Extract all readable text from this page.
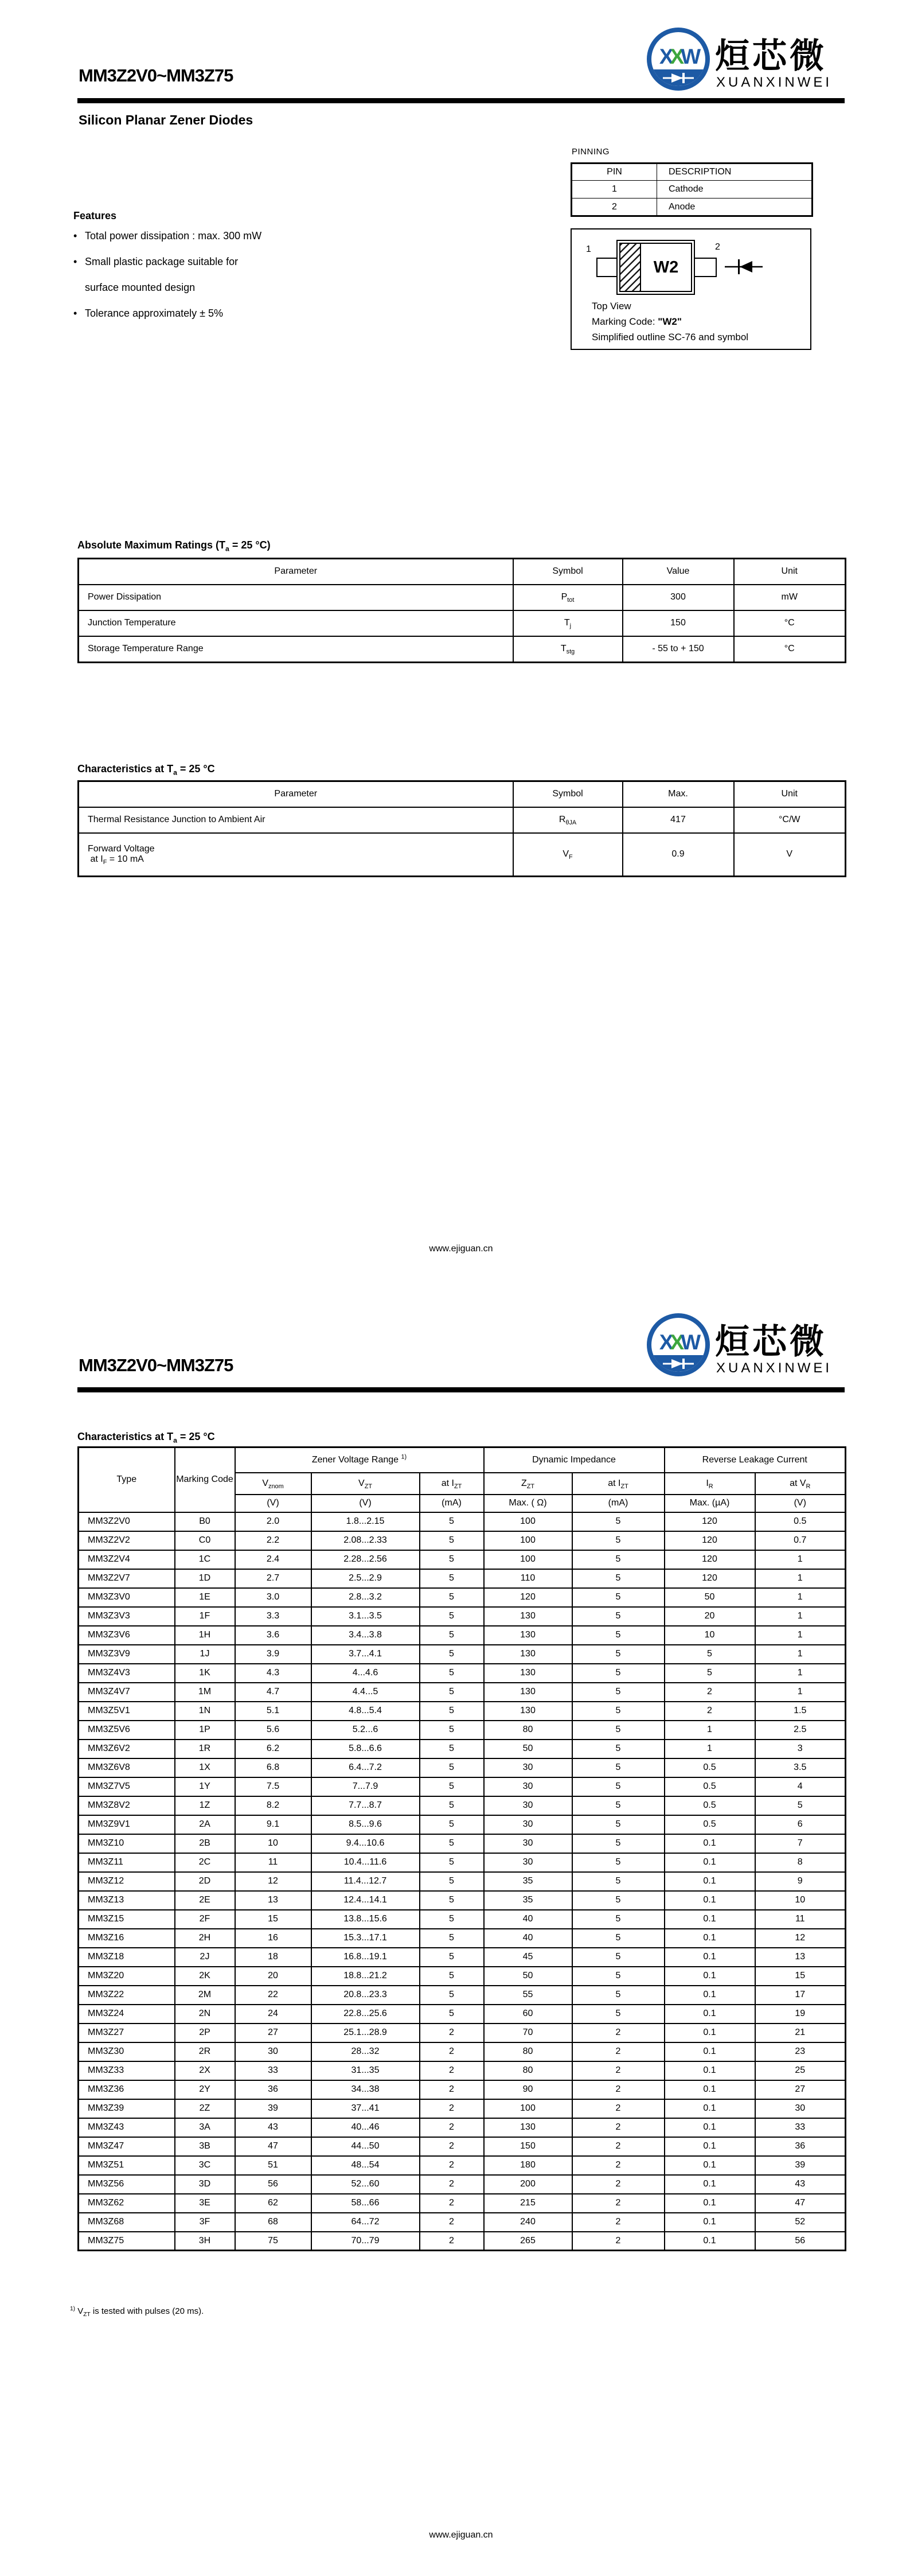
MM3Z2V0~MM3Z75
XXW 烜芯微
XUANXINWEI
Silicon Planar Zener Diodes
Features
• Total power dissipation : max. 300 mW
• Small plastic package suitable for
surface mounted design
• Tolerance approximately ± 5%
PINNING
PIN	DESCRIPTION
1	Cathode
2	Anode
1	2
W2
Top View
Marking Code: "W2"
Simplified outline SC-76 and symbol
Absolute Maximum Ratings ($T_a = 25$ °C)
Parameter	Symbol	Value	Unit
Power Dissipation	$P_{tot}$	300	mW
Junction Temperature	$T_j$	150	°C
Storage Temperature Range	$T_{stg}$	- 55 to + 150	°C
Characteristics at $T_a = 25$ °C
Parameter	Symbol	Max.	Unit
Thermal Resistance Junction to Ambient Air	$R_{\theta JA}$	417	°C/W
Forward Voltage
at $I_F = 10$ mA	$V_F$	0.9	V
www.ejiguan.cn
XXW 烜芯微
XUANXINWEI
MM3Z2V0~MM3Z75
Characteristics at $T_a = 25$ °C
Type	Marking Code	Zener Voltage Range $^{1)}$			Dynamic Impedance		Reverse Leakage Current	
		$V_{znom}$	$V_{ZT}$	at $I_{ZT}$	$Z_{ZT}$	at $I_{ZT}$	$I_R$	at $V_R$
		(V)	(V)	(mA)	Max. ( Ω)	(mA)	Max. (µA)	(V)
MM3Z2V0	B0	2.0	1.8...2.15	5	100	5	120	0.5
MM3Z2V2	C0	2.2	2.08...2.33	5	100	5	120	0.7
MM3Z2V4	1C	2.4	2.28...2.56	5	100	5	120	1
MM3Z2V7	1D	2.7	2.5...2.9	5	110	5	120	1
MM3Z3V0	1E	3.0	2.8...3.2	5	120	5	50	1
MM3Z3V3	1F	3.3	3.1...3.5	5	130	5	20	1
MM3Z3V6	1H	3.6	3.4...3.8	5	130	5	10	1
MM3Z3V9	1J	3.9	3.7...4.1	5	130	5	5	1
MM3Z4V3	1K	4.3	4...4.6	5	130	5	5	1
MM3Z4V7	1M	4.7	4.4...5	5	130	5	2	1
MM3Z5V1	1N	5.1	4.8...5.4	5	130	5	2	1.5
MM3Z5V6	1P	5.6	5.2...6	5	80	5	1	2.5
MM3Z6V2	1R	6.2	5.8...6.6	5	50	5	1	3
MM3Z6V8	1X	6.8	6.4...7.2	5	30	5	0.5	3.5
MM3Z7V5	1Y	7.5	7...7.9	5	30	5	0.5	4
MM3Z8V2	1Z	8.2	7.7...8.7	5	30	5	0.5	5
MM3Z9V1	2A	9.1	8.5...9.6	5	30	5	0.5	6
MM3Z10	2B	10	9.4...10.6	5	30	5	0.1	7
MM3Z11	2C	11	10.4...11.6	5	30	5	0.1	8
MM3Z12	2D	12	11.4...12.7	5	35	5	0.1	9
MM3Z13	2E	13	12.4...14.1	5	35	5	0.1	10
MM3Z15	2F	15	13.8...15.6	5	40	5	0.1	11
MM3Z16	2H	16	15.3...17.1	5	40	5	0.1	12
MM3Z18	2J	18	16.8...19.1	5	45	5	0.1	13
MM3Z20	2K	20	18.8...21.2	5	50	5	0.1	15
MM3Z22	2M	22	20.8...23.3	5	55	5	0.1	17
MM3Z24	2N	24	22.8...25.6	5	60	5	0.1	19
MM3Z27	2P	27	25.1...28.9	2	70	2	0.1	21
MM3Z30	2R	30	28...32	2	80	2	0.1	23
MM3Z33	2X	33	31...35	2	80	2	0.1	25
MM3Z36	2Y	36	34...38	2	90	2	0.1	27
MM3Z39	2Z	39	37...41	2	100	2	0.1	30
MM3Z43	3A	43	40...46	2	130	2	0.1	33
MM3Z47	3B	47	44...50	2	150	2	0.1	36
MM3Z51	3C	51	48...54	2	180	2	0.1	39
MM3Z56	3D	56	52...60	2	200	2	0.1	43
MM3Z62	3E	62	58...66	2	215	2	0.1	47
MM3Z68	3F	68	64...72	2	240	2	0.1	52
MM3Z75	3H	75	70...79	2	265	2	0.1	56
$^{1)}$ $V_{ZT}$ is tested with pulses (20 ms).
www.ejiguan.cn
